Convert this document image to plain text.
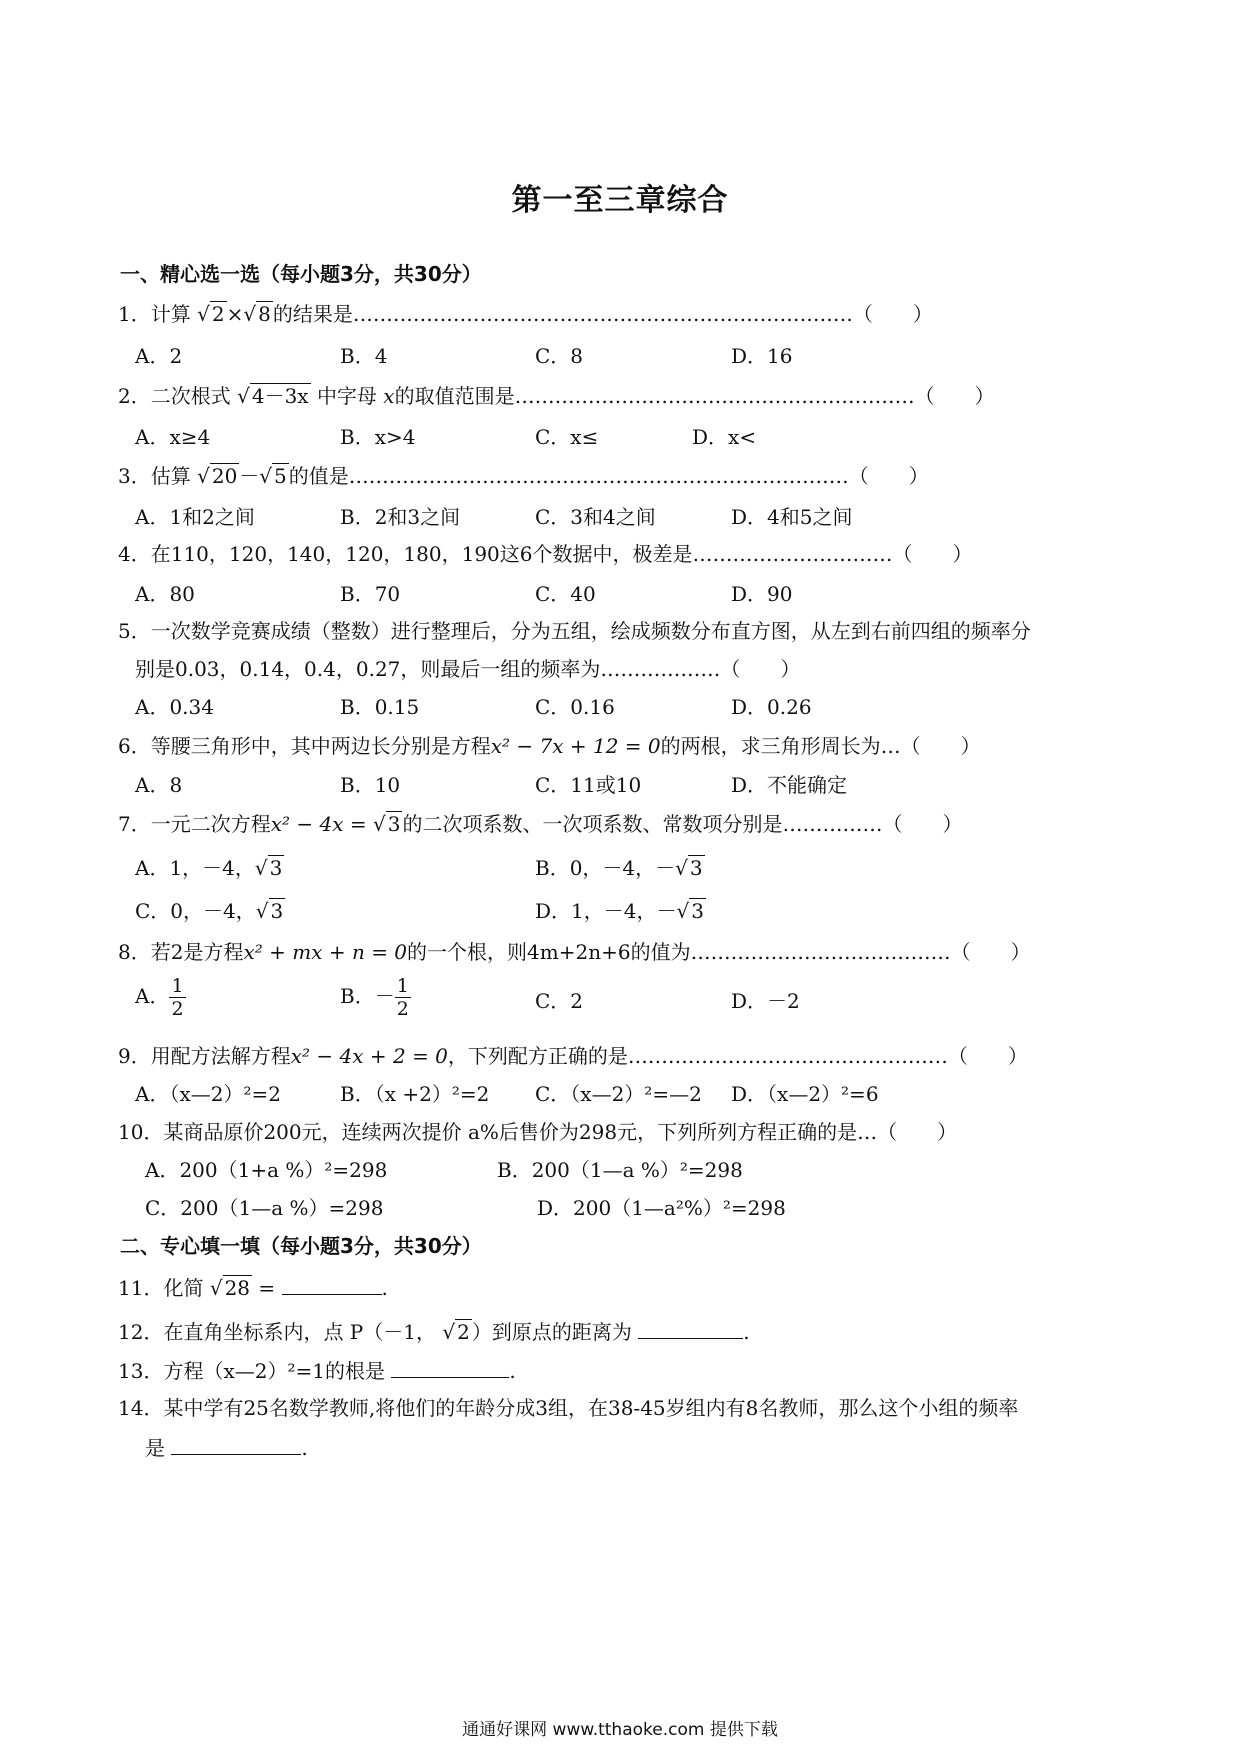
第一至三章综合
一、精心选一选（每小题3分，共30分）
1．计算 √ 2 ×√ 8 的结果是…………………………………………………………………（　　）
A．2	B．4	C．8	D．16
2．二次根式 √ 4－3x 中字母 x的取值范围是……………………………………………………（　　）
A．x≥4	B．x>4	C．x≤	D．x<
3．估算 √ 20 －√ 5 的值是…………………………………………………………………（　　）
A．1和2之间	B．2和3之间	C．3和4之间	D．4和5之间
4．在110，120，140，120，180，190这6个数据中，极差是…………………………（　　）
A．80	B．70	C．40	D．90
5．一次数学竞赛成绩（整数）进行整理后，分为五组，绘成频数分布直方图，从左到右前四组的频率分
别是0.03，0.14，0.4，0.27，则最后一组的频率为………………（　　）
A．0.34	B．0.15	C．0.16	D．0.26
6．等腰三角形中，其中两边长分别是方程x² − 7x + 12 = 0的两根，求三角形周长为…（　　）
A．8	B．10	C．11或10	D．不能确定
7．一元二次方程x² − 4x = √ 3 的二次项系数、一次项系数、常数项分别是……………（　　）
A．1，－4，√ 3	B．0，－4，－√ 3
C．0，－4，√ 3	D．1，－4，－√ 3
8．若2是方程x² + mx + n = 0的一个根，则4m+2n+6的值为…………………………………（　　）
A． $\frac{1}{2}$	B．－ $\frac{1}{2}$	C．2	D．－2
9．用配方法解方程x² − 4x + 2 = 0，下列配方正确的是…………………………………………（　　）
A．（x—2）²=2	B．（x +2）²=2 C．（x—2）²=—2 D．（x—2）²=6
10．某商品原价200元，连续两次提价 a%后售价为298元，下列所列方程正确的是…（　　）
A．200（1+a %）²=298	B．200（1—a %）²=298
C．200（1—a %）=298	D．200（1—a²%）²=298
二、专心填一填（每小题3分，共30分）
11．化简 √ 28 =	.
12．在直角坐标系内，点 P（－1， √ 2 ）到原点的距离为	.
13．方程（x—2）²=1的根是	.
14．某中学有25名数学教师,将他们的年龄分成3组，在38-45岁组内有8名教师，那么这个小组的频率
是	.
通通好课网 www.tthaoke.com 提供下载
